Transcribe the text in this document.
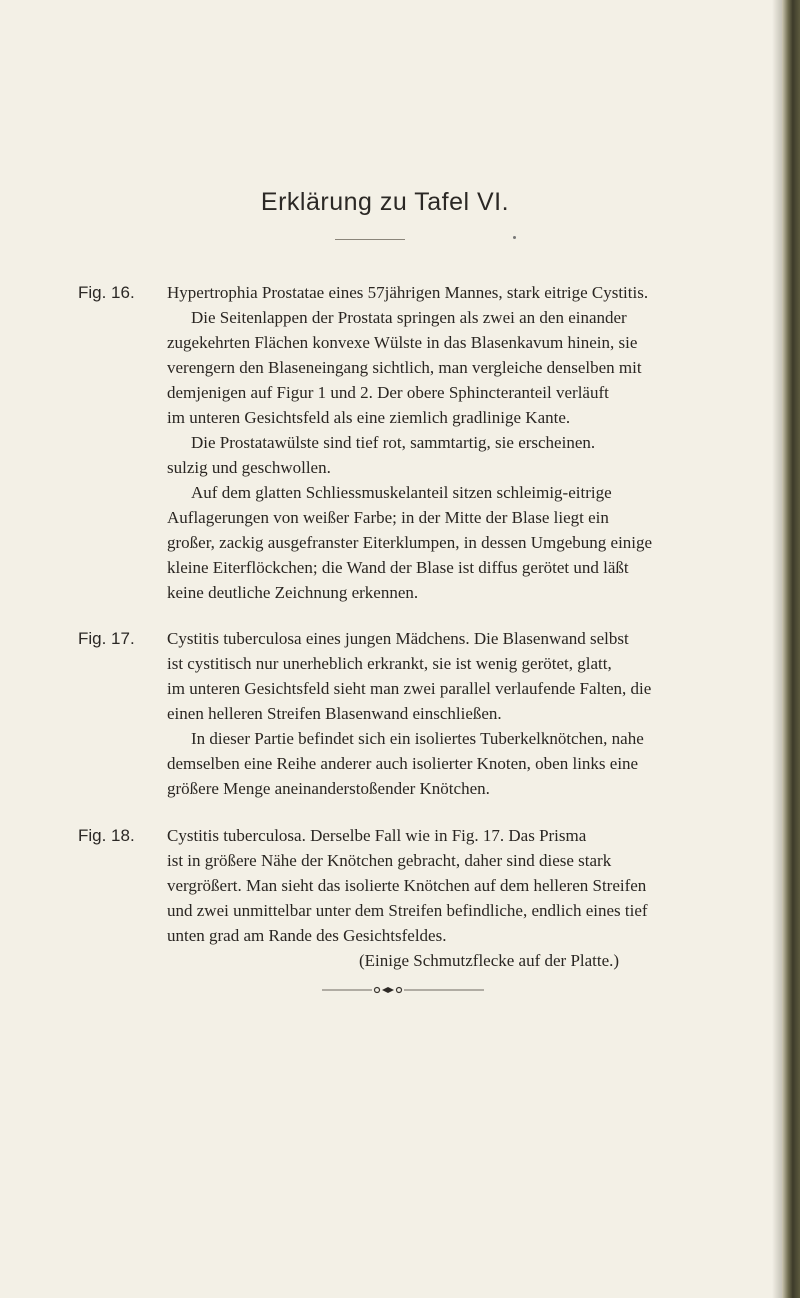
Erklärung zu Tafel VI.
Fig. 16. Hypertrophia Prostatae eines 57jährigen Mannes, stark eitrige Cystitis.
Die Seitenlappen der Prostata springen als zwei an den einander
zugekehrten Flächen konvexe Wülste in das Blasenkavum hinein, sie
verengern den Blaseneingang sichtlich, man vergleiche denselben mit
demjenigen auf Figur 1 und 2. Der obere Sphincteranteil verläuft
im unteren Gesichtsfeld als eine ziemlich gradlinige Kante.
Die Prostatawülste sind tief rot, sammtartig, sie erscheinen.
sulzig und geschwollen.
Auf dem glatten Schliessmuskelanteil sitzen schleimig-eitrige
Auflagerungen von weißer Farbe; in der Mitte der Blase liegt ein
großer, zackig ausgefranster Eiterklumpen, in dessen Umgebung einige
kleine Eiterflöckchen; die Wand der Blase ist diffus gerötet und läßt
keine deutliche Zeichnung erkennen.
Fig. 17. Cystitis tuberculosa eines jungen Mädchens. Die Blasenwand selbst
ist cystitisch nur unerheblich erkrankt, sie ist wenig gerötet, glatt,
im unteren Gesichtsfeld sieht man zwei parallel verlaufende Falten, die
einen helleren Streifen Blasenwand einschließen.
In dieser Partie befindet sich ein isoliertes Tuberkelknötchen, nahe
demselben eine Reihe anderer auch isolierter Knoten, oben links eine
größere Menge aneinanderstoßender Knötchen.
Fig. 18. Cystitis tuberculosa. Derselbe Fall wie in Fig. 17. Das Prisma
ist in größere Nähe der Knötchen gebracht, daher sind diese stark
vergrößert. Man sieht das isolierte Knötchen auf dem helleren Streifen
und zwei unmittelbar unter dem Streifen befindliche, endlich eines tief
unten grad am Rande des Gesichtsfeldes.
(Einige Schmutzflecke auf der Platte.)
